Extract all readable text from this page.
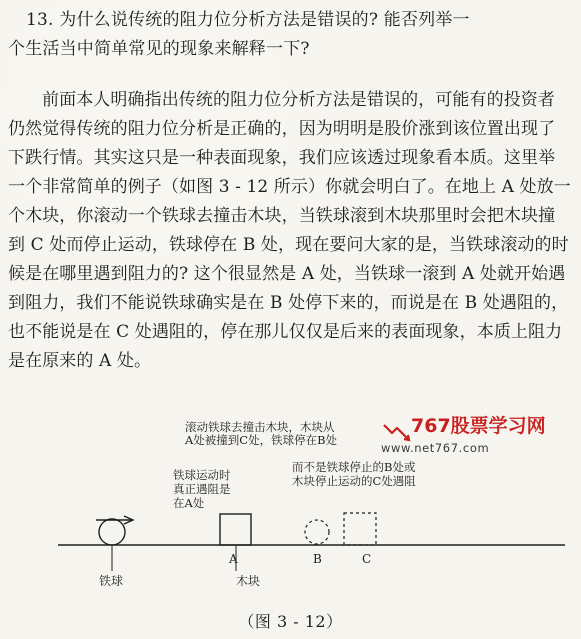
13. 为什么说传统的阻力位分析方法是错误的? 能否列举一
个生活当中简单常见的现象来解释一下?
前面本人明确指出传统的阻力位分析方法是错误的，可能有的投资者
仍然觉得传统的阻力位分析是正确的，因为明明是股价涨到该位置出现了
下跌行情。其实这只是一种表面现象，我们应该透过现象看本质。这里举
一个非常简单的例子（如图 3 - 12 所示）你就会明白了。在地上 A 处放一
个木块，你滚动一个铁球去撞击木块，当铁球滚到木块那里时会把木块撞
到 C 处而停止运动，铁球停在 B 处，现在要问大家的是，当铁球滚动的时
候是在哪里遇到阻力的? 这个很显然是 A 处，当铁球一滚到 A 处就开始遇
到阻力，我们不能说铁球确实是在 B 处停下来的，而说是在 B 处遇阻的，
也不能说是在 C 处遇阻的，停在那儿仅仅是后来的表面现象，本质上阻力
是在原来的 A 处。
滚动铁球去撞击木块，木块从
A处被撞到C处，铁球停在B处
767股票学习网
www.net767.com
铁球运动时
真正遇阻是
在A处
而不是铁球停止的B处或
木块停止运动的C处遇阻
A	B	C
铁球	木块
（图 3 - 12）
